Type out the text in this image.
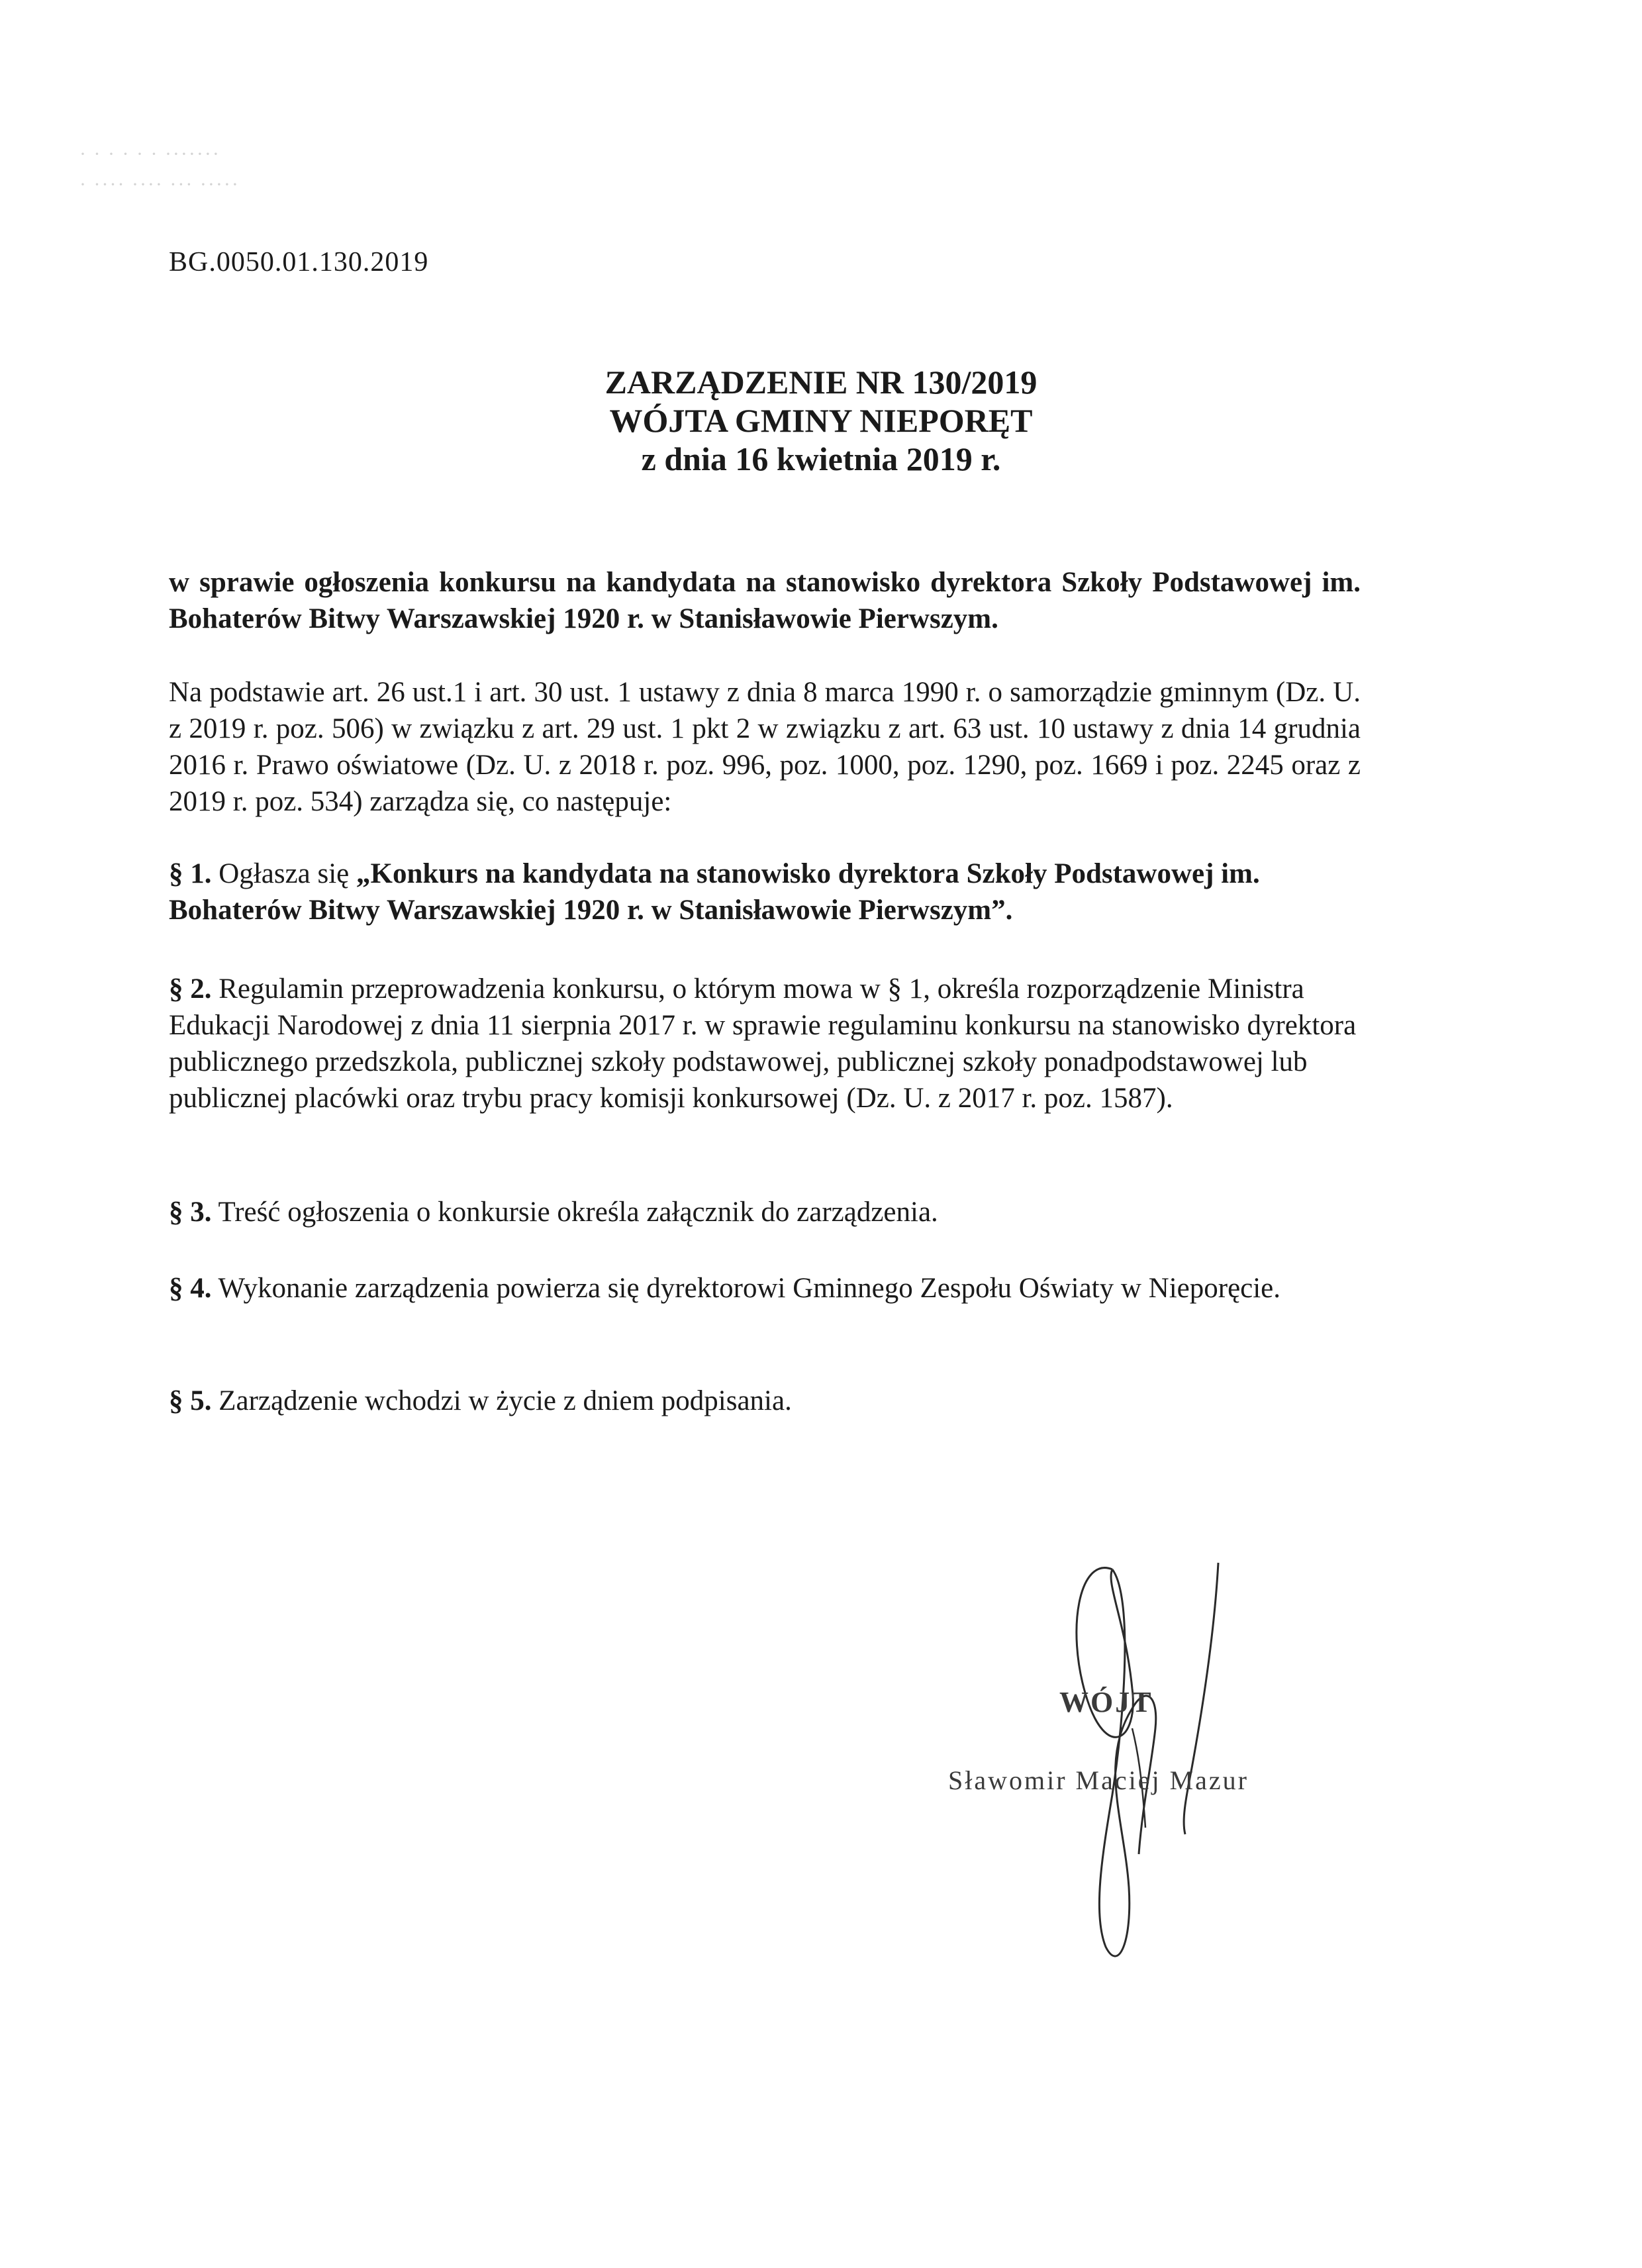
· · · · · · ·······
· ···· ···· ··· ·····
BG.0050.01.130.2019
ZARZĄDZENIE NR 130/2019
WÓJTA GMINY NIEPORĘT
z dnia 16 kwietnia 2019 r.
w sprawie ogłoszenia konkursu na kandydata na stanowisko dyrektora Szkoły Podstawowej im. Bohaterów Bitwy Warszawskiej 1920 r. w Stanisławowie Pierwszym.
Na podstawie art. 26 ust.1 i art. 30 ust. 1 ustawy z dnia 8 marca 1990 r. o samorządzie gminnym (Dz. U. z 2019 r. poz. 506) w związku z art. 29 ust. 1 pkt 2 w związku z art. 63 ust. 10 ustawy z dnia 14 grudnia 2016 r. Prawo oświatowe (Dz. U. z 2018 r. poz. 996, poz. 1000, poz. 1290, poz. 1669 i poz. 2245 oraz z 2019 r. poz. 534) zarządza się, co następuje:
§ 1. Ogłasza się „Konkurs na kandydata na stanowisko dyrektora Szkoły Podstawowej im. Bohaterów Bitwy Warszawskiej 1920 r. w Stanisławowie Pierwszym”.
§ 2. Regulamin przeprowadzenia konkursu, o którym mowa w § 1, określa rozporządzenie Ministra Edukacji Narodowej z dnia 11 sierpnia 2017 r. w sprawie regulaminu konkursu na stanowisko dyrektora publicznego przedszkola, publicznej szkoły podstawowej, publicznej szkoły ponadpodstawowej lub publicznej placówki oraz trybu pracy komisji konkursowej (Dz. U. z 2017 r. poz. 1587).
§ 3. Treść ogłoszenia o konkursie określa załącznik do zarządzenia.
§ 4. Wykonanie zarządzenia powierza się dyrektorowi Gminnego Zespołu Oświaty w Nieporęcie.
§ 5. Zarządzenie wchodzi w życie z dniem podpisania.
WÓJT
Sławomir Maciej Mazur
